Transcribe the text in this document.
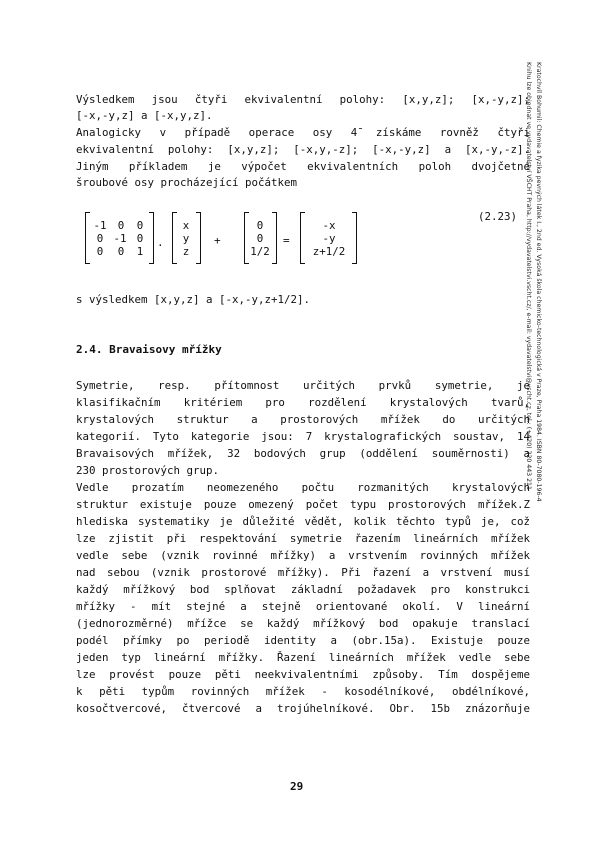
Kratochvíl Bohumil: Chemie a fyzika pevných látek I., 2nd ed. Vysoká škola chemicko-technologická v Praze, Praha 1984. ISBN 80-7080-196-4
Knihu lze objednat ve vydavatelství VŠCHT Praha, http://vydavatelstvi.vscht.cz/, e-mail: vydavatelstvi@vscht.cz, tel.: (+420) 220 443 211
Výsledkem jsou čtyři ekvivalentní polohy: [x,y,z]; [x,-y,z];
[-x,-y,z] a [-x,y,z].
Analogicky v případě operace osy 4̄ získáme rovněž čtyři
ekvivalentní polohy: [x,y,z]; [-x,y,-z]; [-x,-y,z] a [x,-y,-z].
Jiným příkladem je výpočet ekvivalentních poloh dvojčetné
šroubové osy procházející počátkem
-1	0	0
0 -1 0
0	0	1
.
x
y
z
+
0
0
1/2
=
-x
-y
z+1/2
(2.23)
s výsledkem [x,y,z] a [-x,-y,z+1/2].
2.4. Bravaisovy mřížky
Symetrie, resp. přítomnost určitých prvků symetrie, je
klasifikačním kritériem pro rozdělení krystalových tvarů,
krystalových struktur a prostorových mřížek do určitých
kategorií. Tyto kategorie jsou: 7 krystalografických soustav, 14
Bravaisových mřížek, 32 bodových grup (oddělení souměrnosti) a
230 prostorových grup.
Vedle prozatím neomezeného počtu rozmanitých krystalových
struktur existuje pouze omezený počet typu prostorových mřížek.Z
hlediska systematiky je důležité vědět, kolik těchto typů je, což
lze zjistit při respektování symetrie řazením lineárních mřížek
vedle sebe (vznik rovinné mřížky) a vrstvením rovinných mřížek
nad sebou (vznik prostorové mřížky). Při řazení a vrstvení musí
každý mřížkový bod splňovat základní požadavek pro konstrukci
mřížky - mít stejné a stejně orientované okolí. V lineární
(jednorozměrné) mřížce se každý mřížkový bod opakuje translací
podél přímky po periodě identity a (obr.15a). Existuje pouze
jeden typ lineární mřížky. Řazení lineárních mřížek vedle sebe
lze provést pouze pěti neekvivalentními způsoby. Tím dospějeme
k pěti typům rovinných mřížek - kosodélníkové, obdélníkové,
kosočtvercové, čtvercové a trojúhelníkové. Obr. 15b znázorňuje
29
